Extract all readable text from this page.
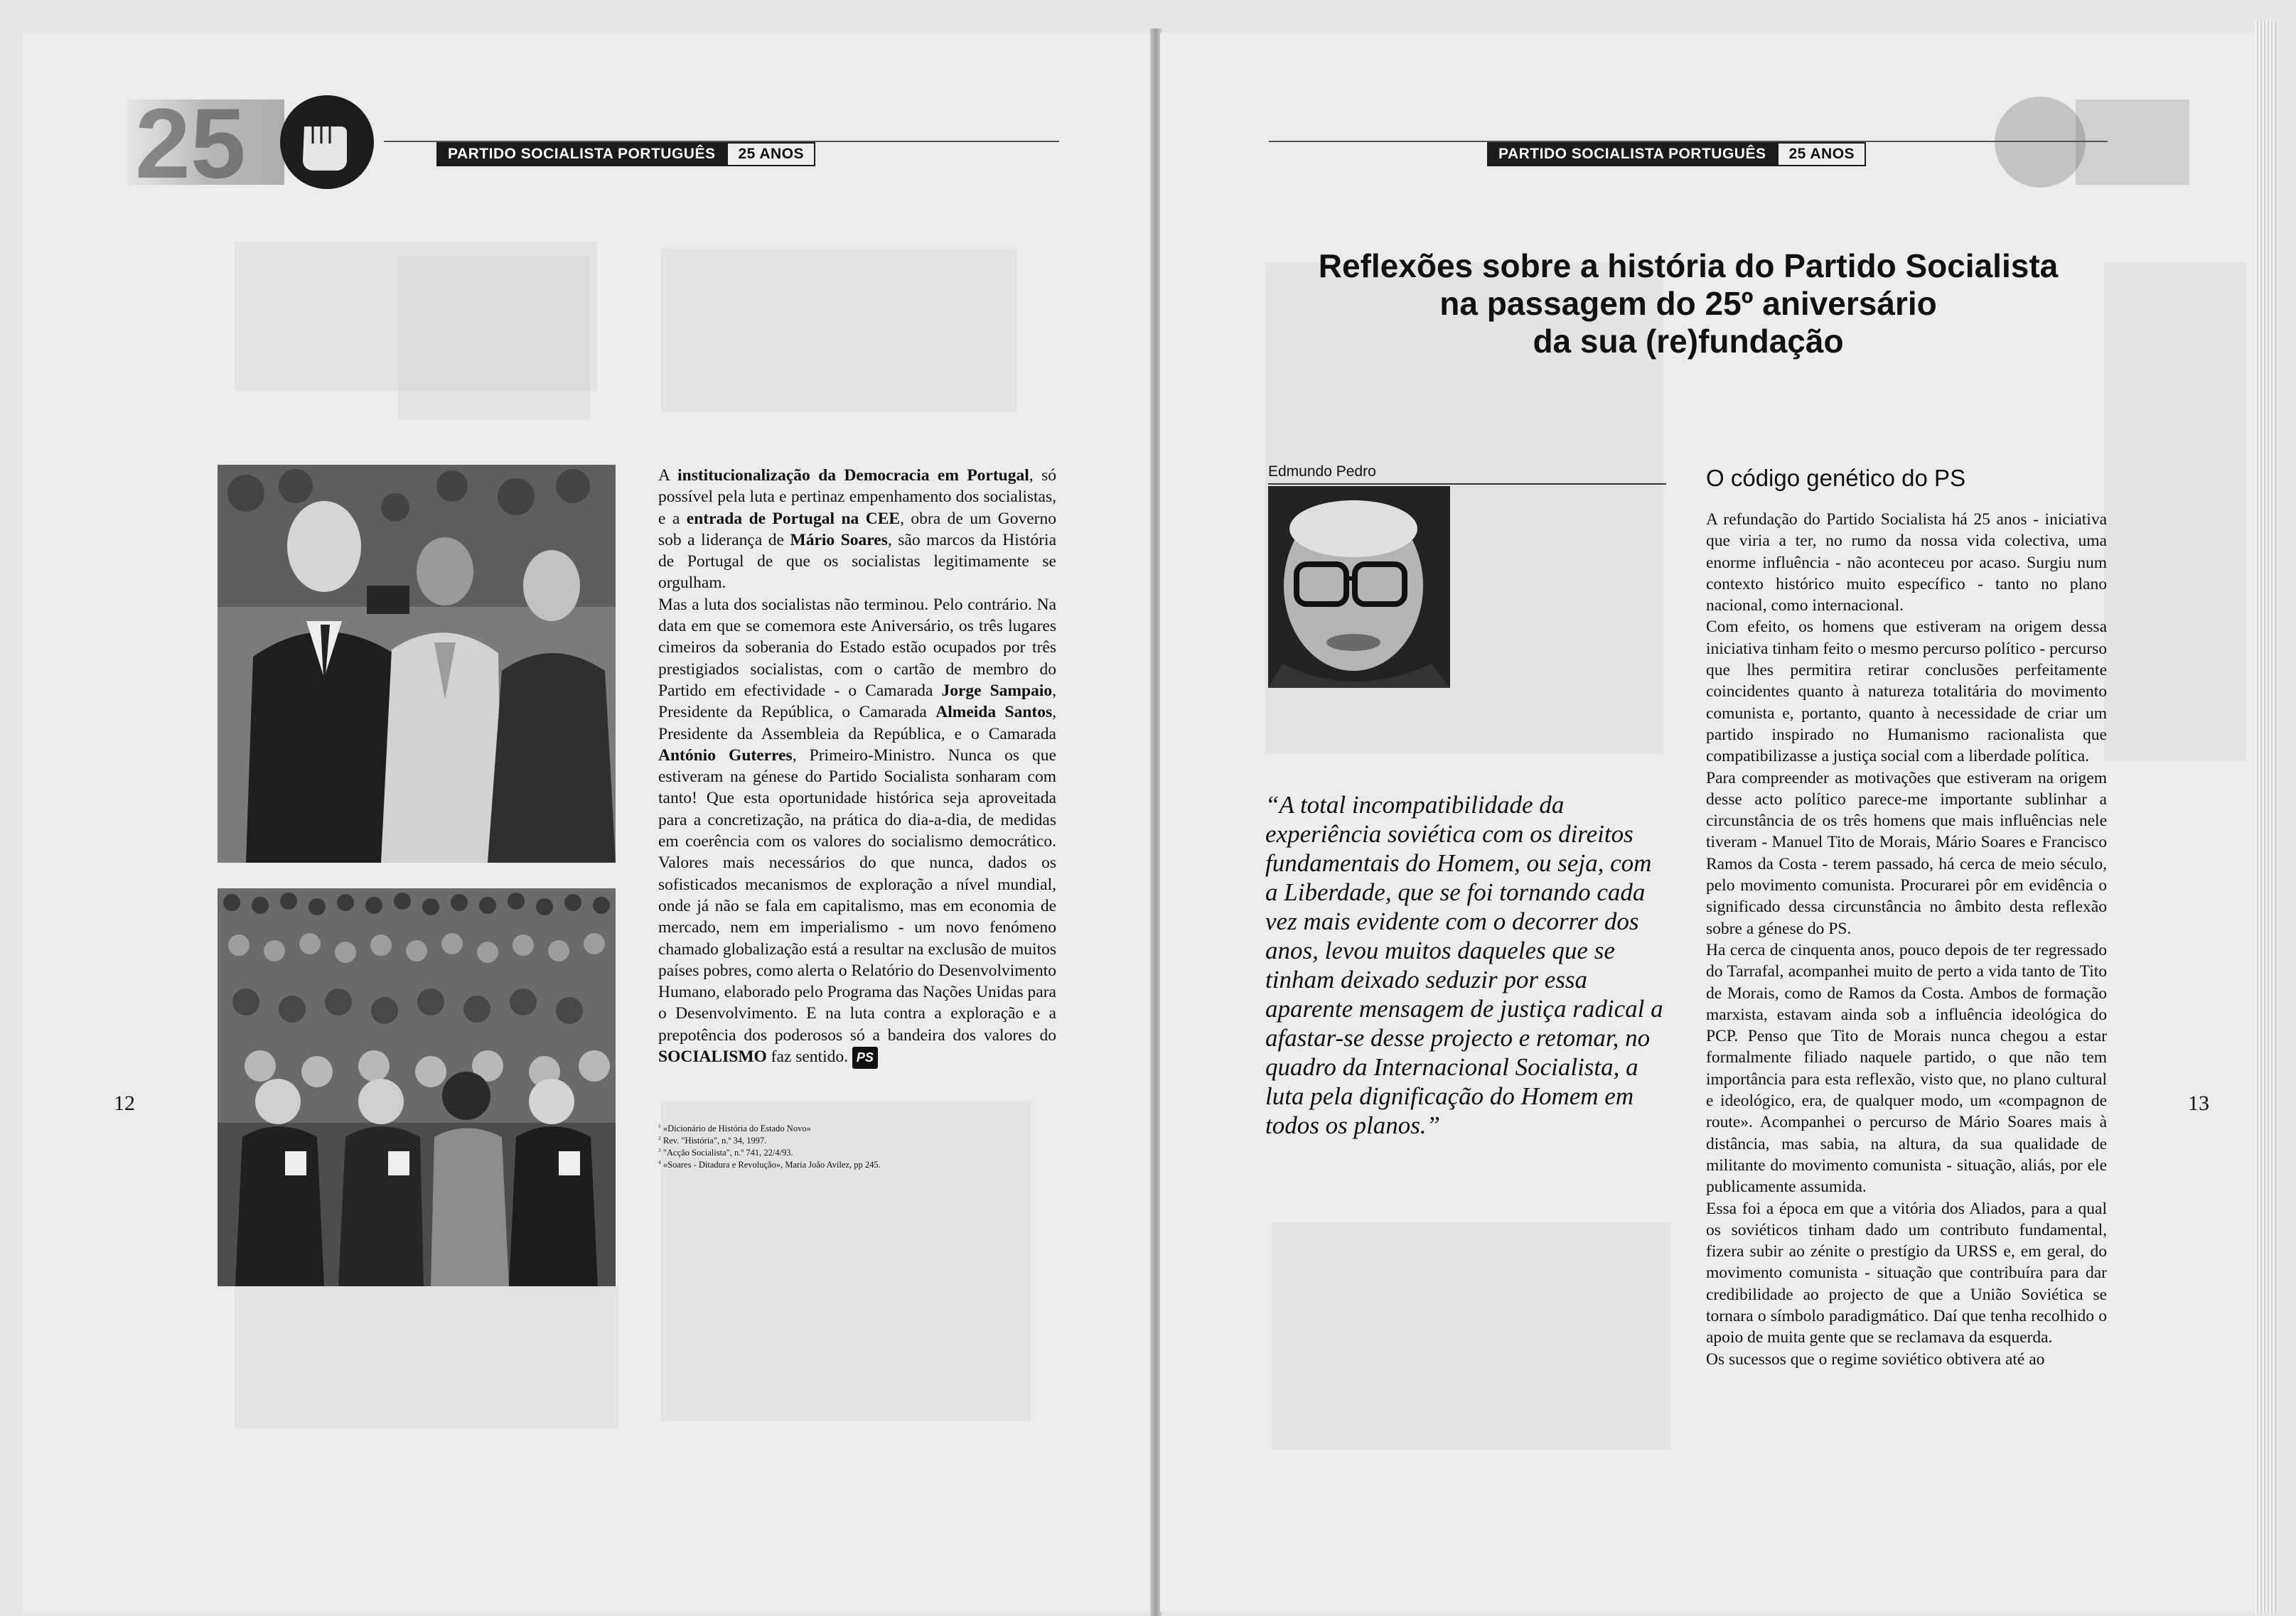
25	PARTIDO SOCIALISTA PORTUGUÊS	25 ANOS

A institucionalização da Democracia em Portugal, só possível pela luta e pertinaz empenhamento dos socialistas, e a entrada de Portugal na CEE, obra de um Governo sob a liderança de Mário Soares, são marcos da História de Portugal de que os socialistas legitimamente se orgulham.

Mas a luta dos socialistas não terminou. Pelo contrário. Na data em que se comemora este Aniversário, os três lugares cimeiros da soberania do Estado estão ocupados por três prestigiados socialistas, com o cartão de membro do Partido em efectividade - o Camarada Jorge Sampaio, Presidente da República, o Camarada Almeida Santos, Presidente da Assembleia da República, e o Camarada António Guterres, Primeiro-Ministro. Nunca os que estiveram na génese do Partido Socialista sonharam com tanto! Que esta oportunidade histórica seja aproveitada para a concretização, na prática do dia-a-dia, de medidas em coerência com os valores do socialismo democrático. Valores mais necessários do que nunca, dados os sofisticados mecanismos de exploração a nível mundial, onde já não se fala em capitalismo, mas em economia de mercado, nem em imperialismo - um novo fenómeno chamado globalização está a resultar na exclusão de muitos países pobres, como alerta o Relatório do Desenvolvimento Humano, elaborado pelo Programa das Nações Unidas para o Desenvolvimento. E na luta contra a exploração e a prepotência dos poderosos só a bandeira dos valores do SOCIALISMO faz sentido. PS

$^1$ «Dicionário de História do Estado Novo»
$^2$ Rev. "História", n.º 34, 1997.
$^3$ "Acção Socialista", n.º 741, 22/4/93.
$^4$ «Soares - Ditadura e Revolução», Maria João Avilez, pp 245.
12
PARTIDO SOCIALISTA PORTUGUÊS	25 ANOS
Reflexões sobre a história do Partido Socialista
na passagem do 25º aniversário
da sua (re)fundação
Edmundo Pedro
“A total incompatibilidade da experiência soviética com os direitos fundamentais do Homem, ou seja, com a Liberdade, que se foi tornando cada vez mais evidente com o decorrer dos anos, levou muitos daqueles que se tinham deixado seduzir por essa aparente mensagem de justiça radical a afastar-se desse projecto e retomar, no quadro da Internacional Socialista, a luta pela dignificação do Homem em todos os planos.”
O código genético do PS

A refundação do Partido Socialista há 25 anos - iniciativa que viria a ter, no rumo da nossa vida colectiva, uma enorme influência - não aconteceu por acaso. Surgiu num contexto histórico muito específico - tanto no plano nacional, como internacional.

Com efeito, os homens que estiveram na origem dessa iniciativa tinham feito o mesmo percurso político - percurso que lhes permitira retirar conclusões perfeitamente coincidentes quanto à natureza totalitária do movimento comunista e, portanto, quanto à necessidade de criar um partido inspirado no Humanismo racionalista que compatibilizasse a justiça social com a liberdade política.

Para compreender as motivações que estiveram na origem desse acto político parece-me importante sublinhar a circunstância de os três homens que mais influências nele tiveram - Manuel Tito de Morais, Mário Soares e Francisco Ramos da Costa - terem passado, há cerca de meio século, pelo movimento comunista. Procurarei pôr em evidência o significado dessa circunstância no âmbito desta reflexão sobre a génese do PS.

Ha cerca de cinquenta anos, pouco depois de ter regressado do Tarrafal, acompanhei muito de perto a vida tanto de Tito de Morais, como de Ramos da Costa. Ambos de formação marxista, estavam ainda sob a influência ideológica do PCP. Penso que Tito de Morais nunca chegou a estar formalmente filiado naquele partido, o que não tem importância para esta reflexão, visto que, no plano cultural e ideológico, era, de qualquer modo, um «compagnon de route». Acompanhei o percurso de Mário Soares mais à distância, mas sabia, na altura, da sua qualidade de militante do movimento comunista - situação, aliás, por ele publicamente assumida.

Essa foi a época em que a vitória dos Aliados, para a qual os soviéticos tinham dado um contributo fundamental, fizera subir ao zénite o prestígio da URSS e, em geral, do movimento comunista - situação que contribuíra para dar credibilidade ao projecto de que a União Soviética se tornara o símbolo paradigmático. Daí que tenha recolhido o apoio de muita gente que se reclamava da esquerda.

Os sucessos que o regime soviético obtivera até ao

13
